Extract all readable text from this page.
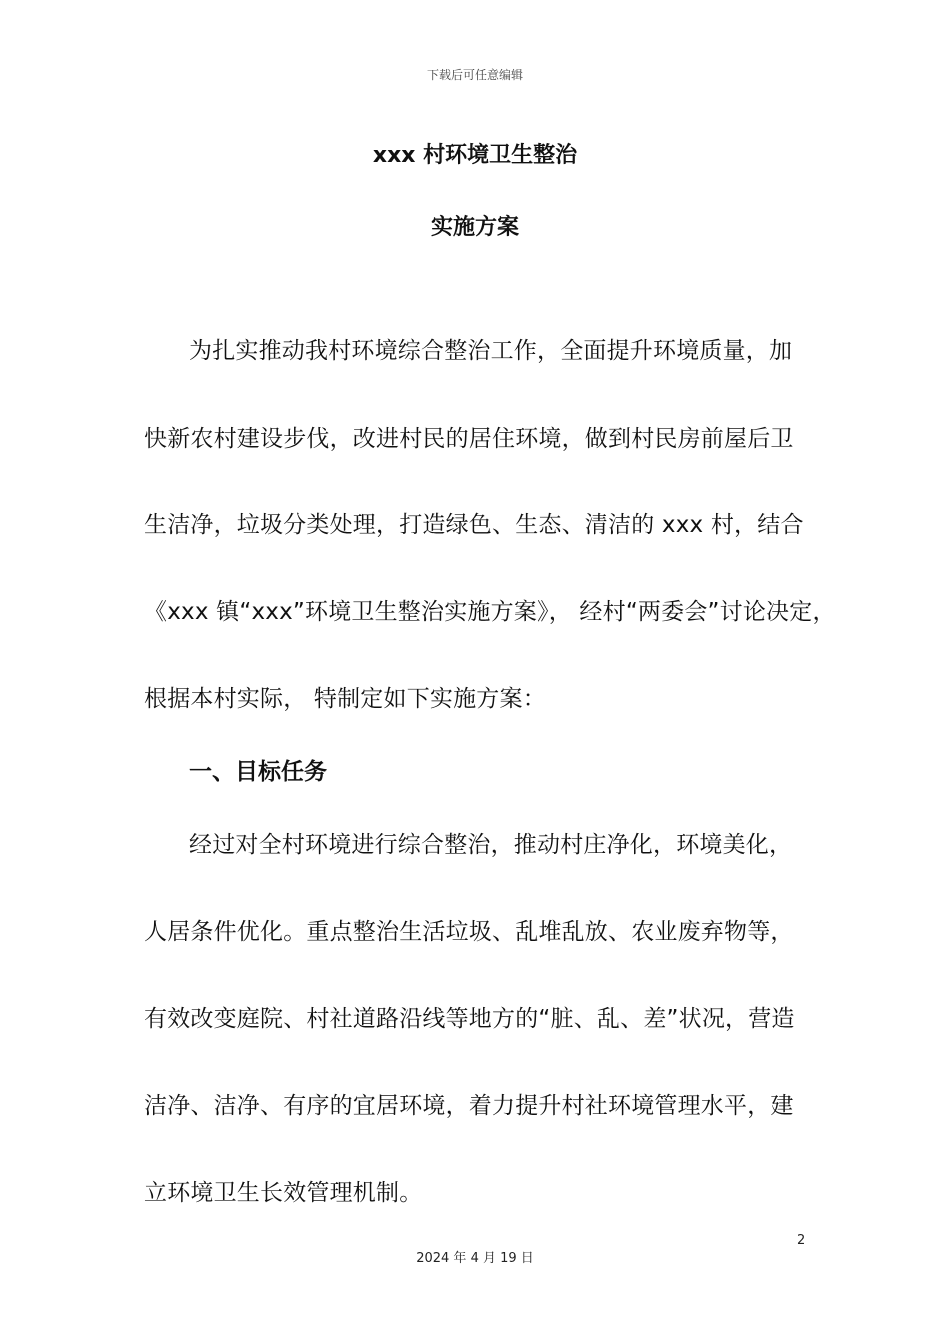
下载后可任意编辑
xxx 村环境卫生整治
实施方案
为扎实推动我村环境综合整治工作，全面提升环境质量，加
快新农村建设步伐，改进村民的居住环境，做到村民房前屋后卫
生洁净，垃圾分类处理，打造绿色、生态、清洁的 xxx 村，结合
《xxx 镇“xxx”环境卫生整治实施方案》， 经村“两委会”讨论决定，
根据本村实际， 特制定如下实施方案：
一、目标任务
经过对全村环境进行综合整治，推动村庄净化，环境美化，
人居条件优化。重点整治生活垃圾、乱堆乱放、农业废弃物等，
有效改变庭院、村社道路沿线等地方的“脏、乱、差”状况，营造
洁净、洁净、有序的宜居环境，着力提升村社环境管理水平，建
立环境卫生长效管理机制。
2
2024 年 4 月 19 日
